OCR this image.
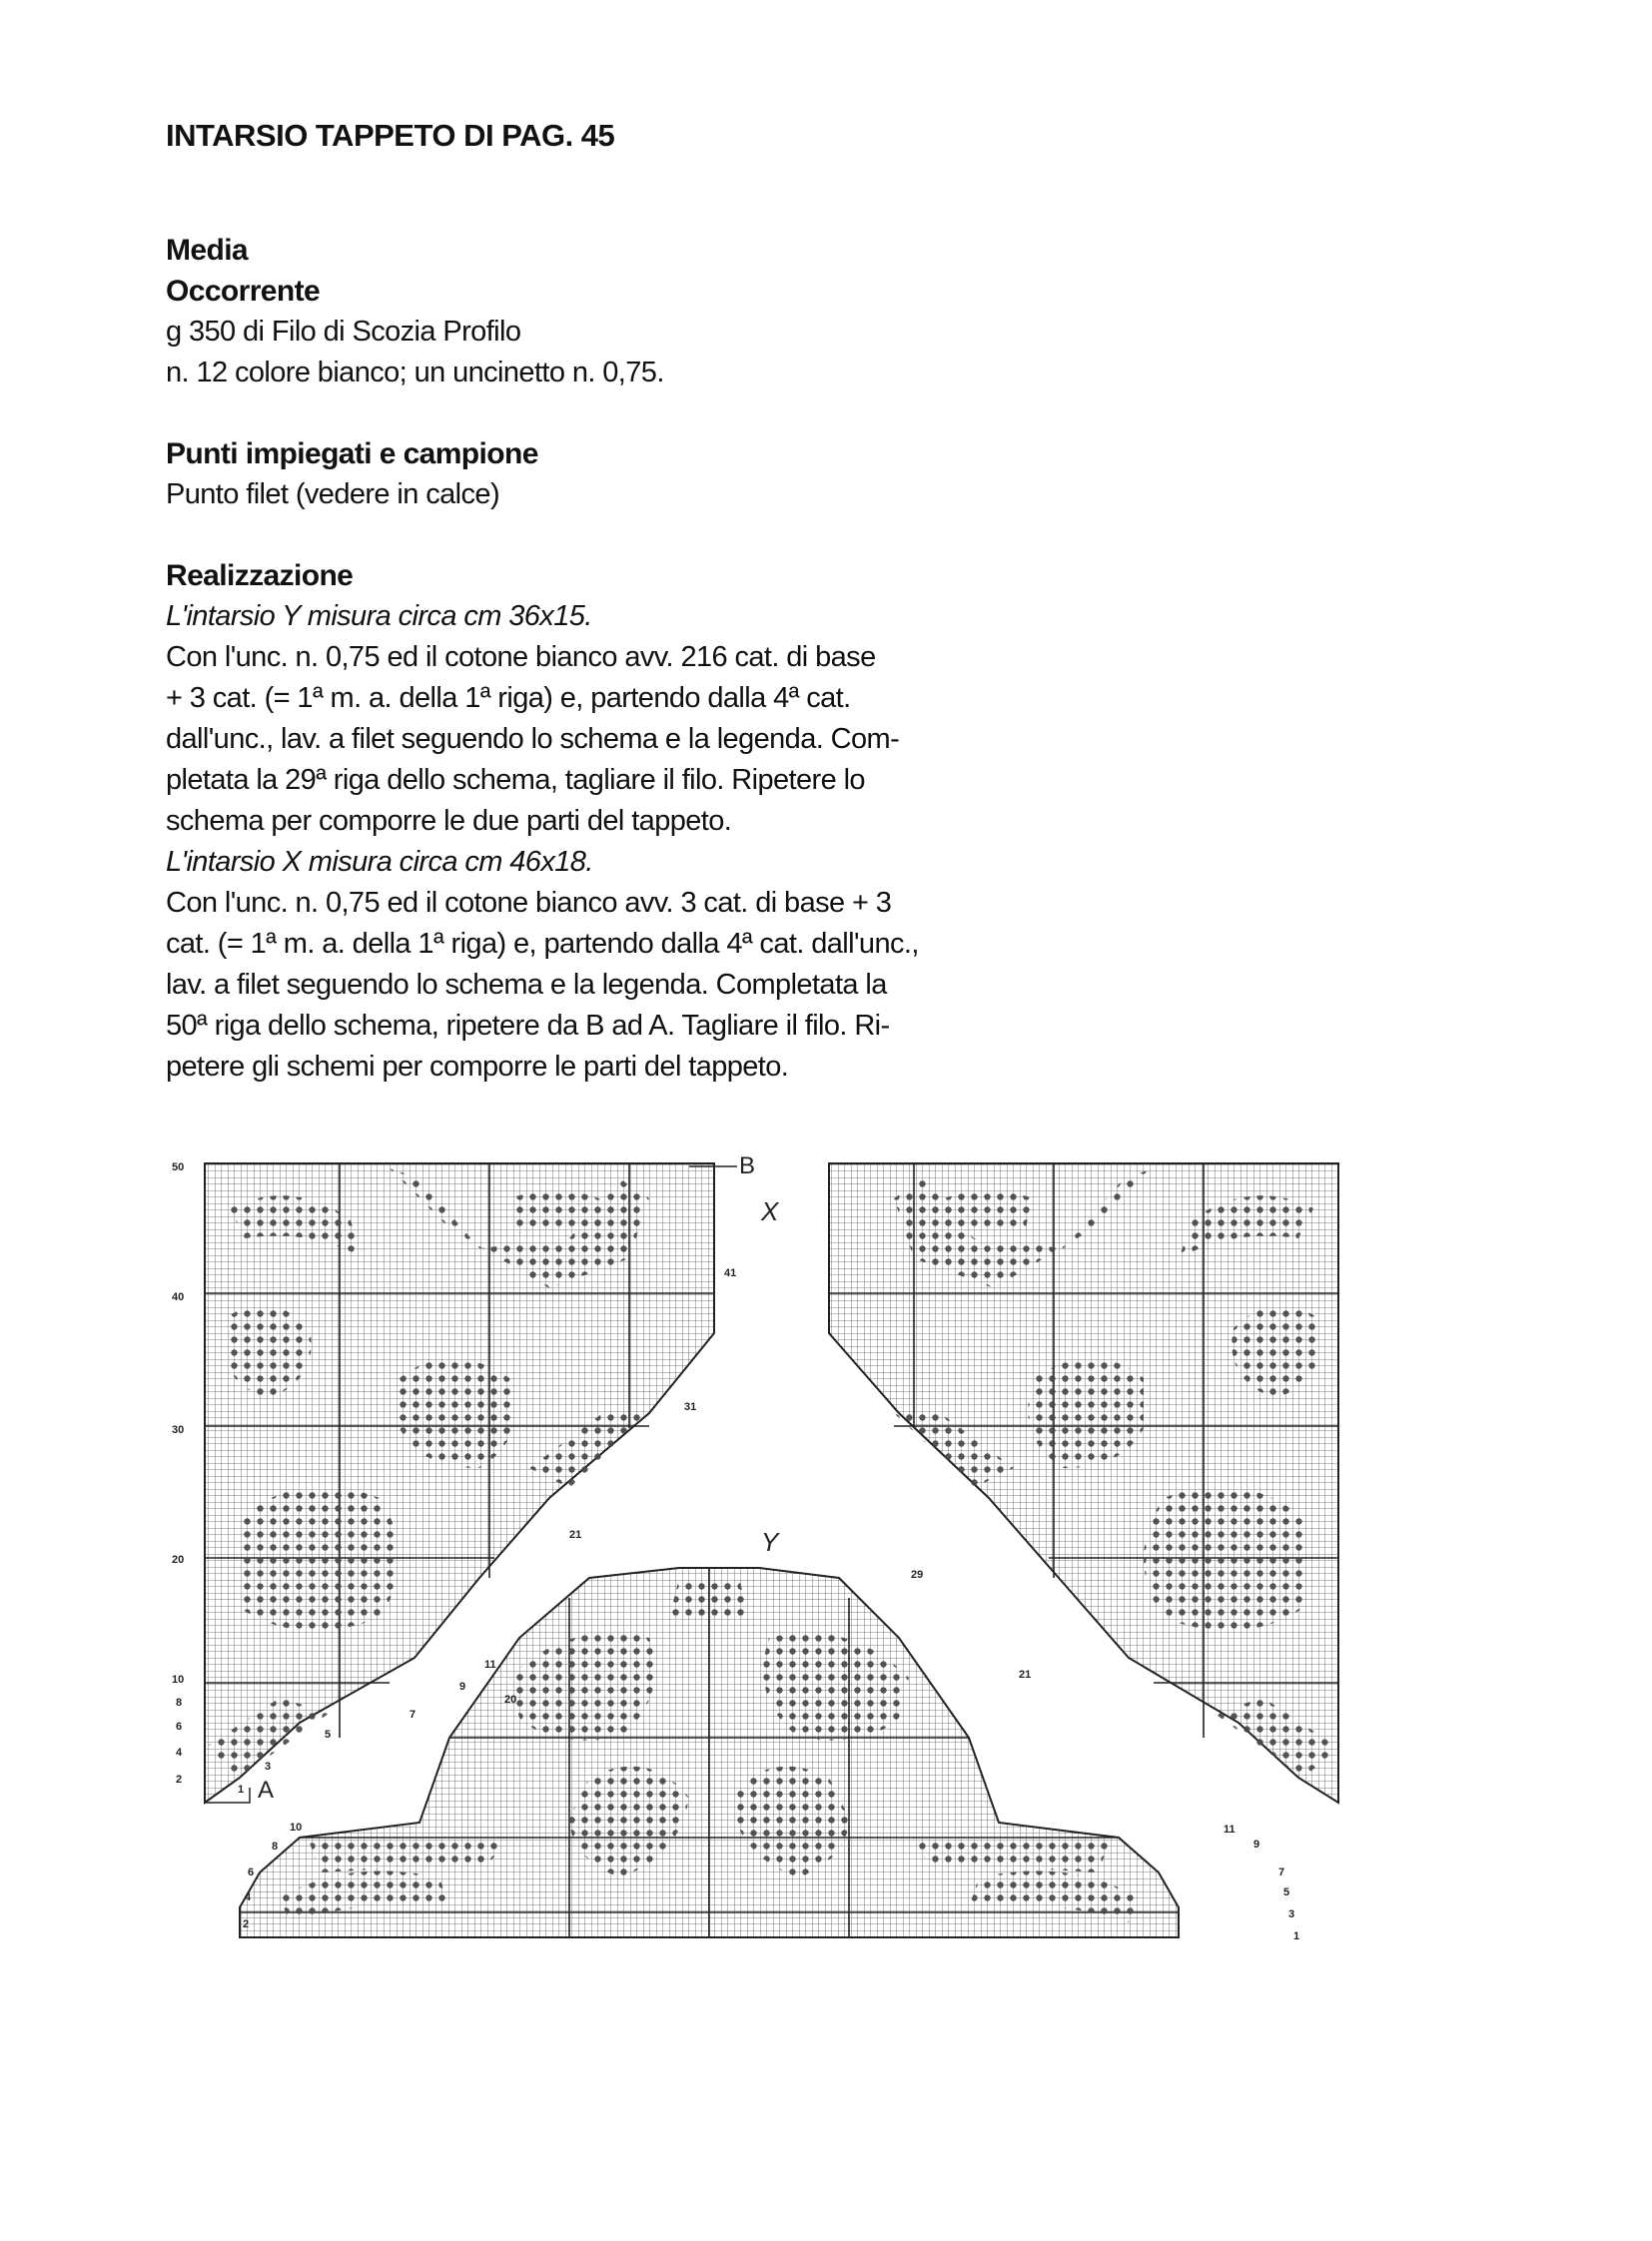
INTARSIO TAPPETO DI PAG. 45
Media
Occorrente

g 350 di Filo di Scozia Profilo

n. 12 colore bianco; un uncinetto n. 0,75.

Punti impiegati e campione

Punto filet (vedere in calce)

Realizzazione

L'intarsio Y misura circa cm 36x15.

Con l'unc. n. 0,75 ed il cotone bianco avv. 216 cat. di base

+ 3 cat. (= 1ª m. a. della 1ª riga) e, partendo dalla 4ª cat.

dall'unc., lav. a filet seguendo lo schema e la legenda. Com-

pletata la 29ª riga dello schema, tagliare il filo. Ripetere lo

schema per comporre le due parti del tappeto.

L'intarsio X misura circa cm 46x18.

Con l'unc. n. 0,75 ed il cotone bianco avv. 3 cat. di base + 3

cat. (= 1ª m. a. della 1ª riga) e, partendo dalla 4ª cat. dall'unc.,

lav. a filet seguendo lo schema e la legenda. Completata la

50ª riga dello schema, ripetere da B ad A. Tagliare il filo. Ri-

petere gli schemi per comporre le parti del tappeto.

50
40
30
20
10
8
6
4
2
41
31
21
11
9
7
5
3
1
B
X
A
Y
20
10
8
6
4
2
29
21
11
9
7
5
3
1
